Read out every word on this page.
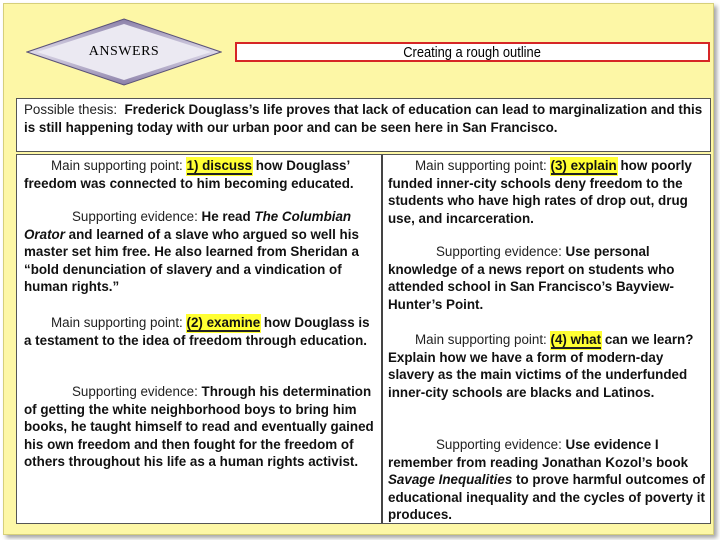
ANSWERS	Creating a rough outline
Possible thesis: Frederick Douglass’s life proves that lack of education can lead to marginalization and this is still happening today with our urban poor and can be seen here in San Francisco.
Main supporting point: 1) discuss how Douglass’ freedom was connected to him becoming educated.
Supporting evidence: He read The Columbian Orator and learned of a slave who argued so well his master set him free. He also learned from Sheridan a “bold denunciation of slavery and a vindication of human rights.”
Main supporting point: (2) examine how Douglass is a testament to the idea of freedom through education.
Supporting evidence: Through his determination of getting the white neighborhood boys to bring him books, he taught himself to read and eventually gained his own freedom and then fought for the freedom of others throughout his life as a human rights activist.
Main supporting point: (3) explain how poorly funded inner-city schools deny freedom to the students who have high rates of drop out, drug use, and incarceration.
Supporting evidence: Use personal knowledge of a news report on students who attended school in San Francisco’s Bayview-Hunter’s Point.
Main supporting point: (4) what can we learn? Explain how we have a form of modern-day slavery as the main victims of the underfunded inner-city schools are blacks and Latinos.
Supporting evidence: Use evidence I remember from reading Jonathan Kozol’s book Savage Inequalities to prove harmful outcomes of educational inequality and the cycles of poverty it produces.
